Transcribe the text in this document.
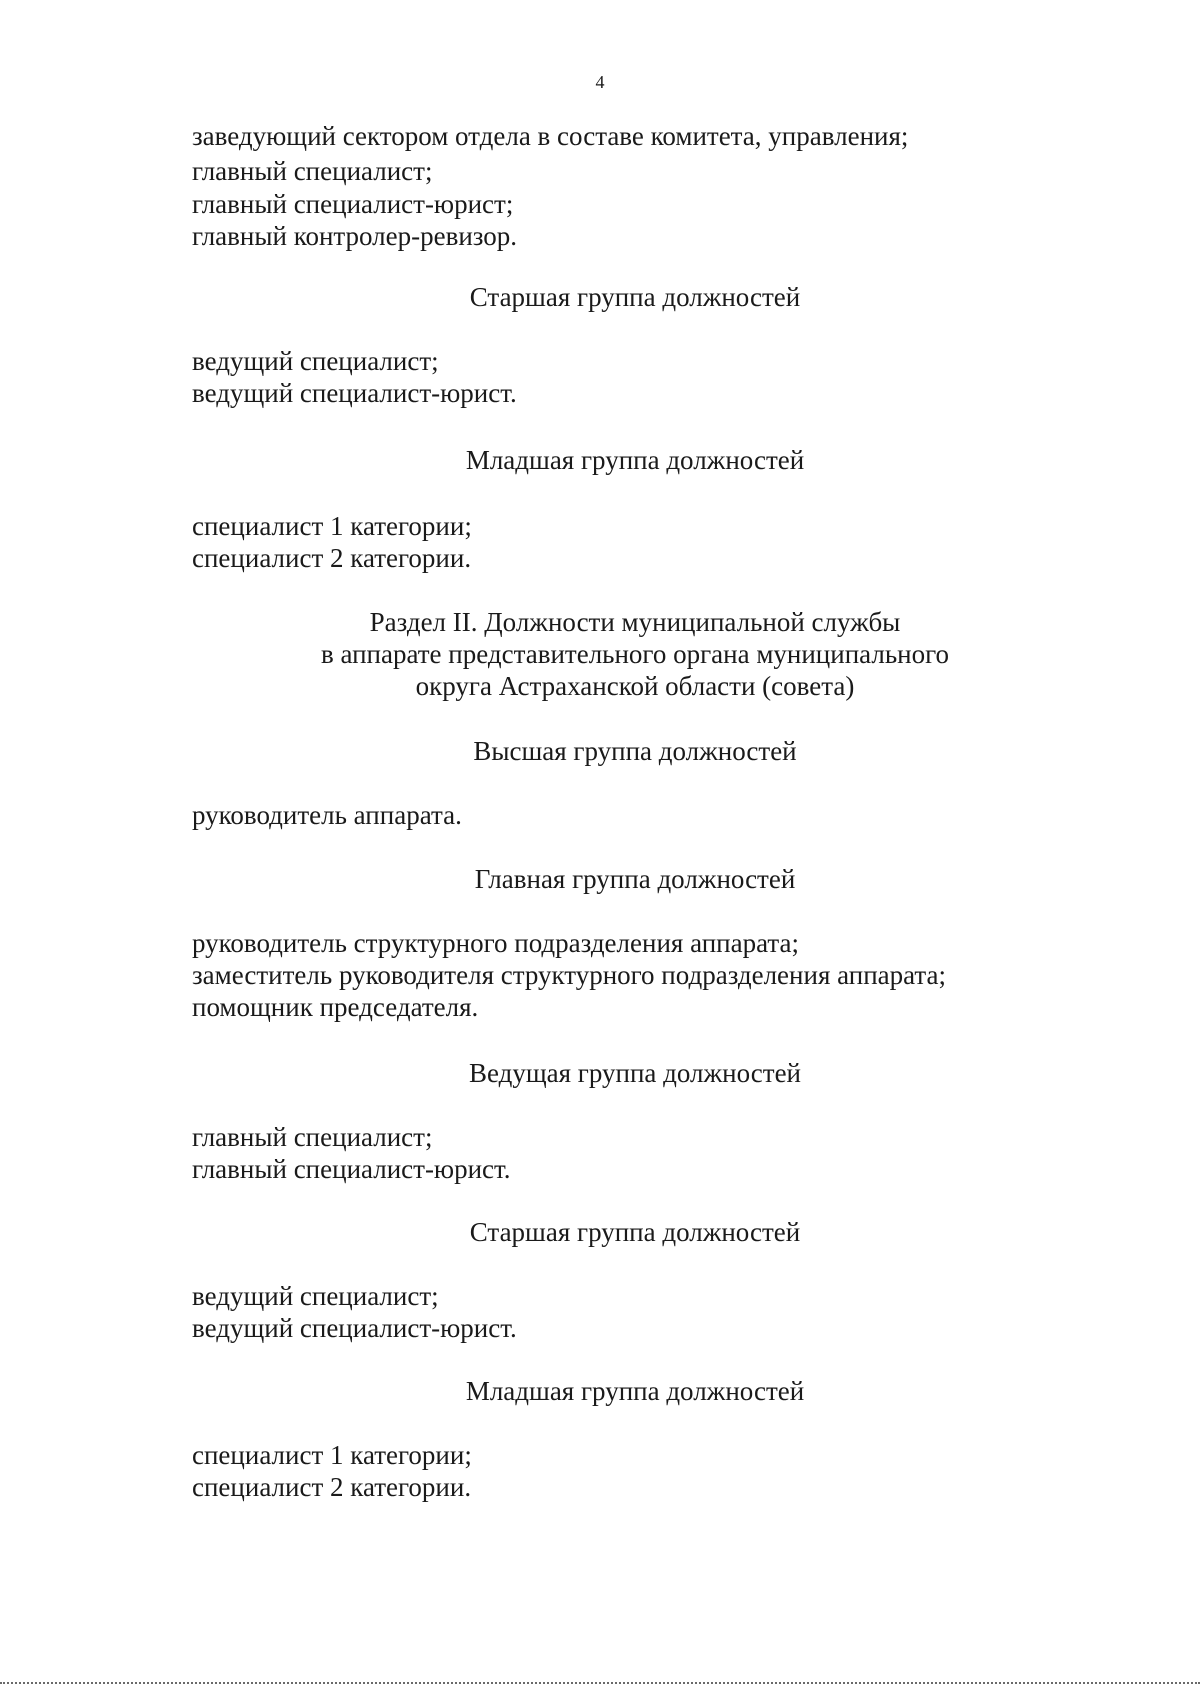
4
заведующий сектором отдела в составе комитета, управления;
главный специалист;
главный специалист-юрист;
главный контролер-ревизор.
Старшая группа должностей
ведущий специалист;
ведущий специалист-юрист.
Младшая группа должностей
специалист 1 категории;
специалист 2 категории.
Раздел II. Должности муниципальной службы
в аппарате представительного органа муниципального
округа Астраханской области (совета)
Высшая группа должностей
руководитель аппарата.
Главная группа должностей
руководитель структурного подразделения аппарата;
заместитель руководителя структурного подразделения аппарата;
помощник председателя.
Ведущая группа должностей
главный специалист;
главный специалист-юрист.
Старшая группа должностей
ведущий специалист;
ведущий специалист-юрист.
Младшая группа должностей
специалист 1 категории;
специалист 2 категории.
